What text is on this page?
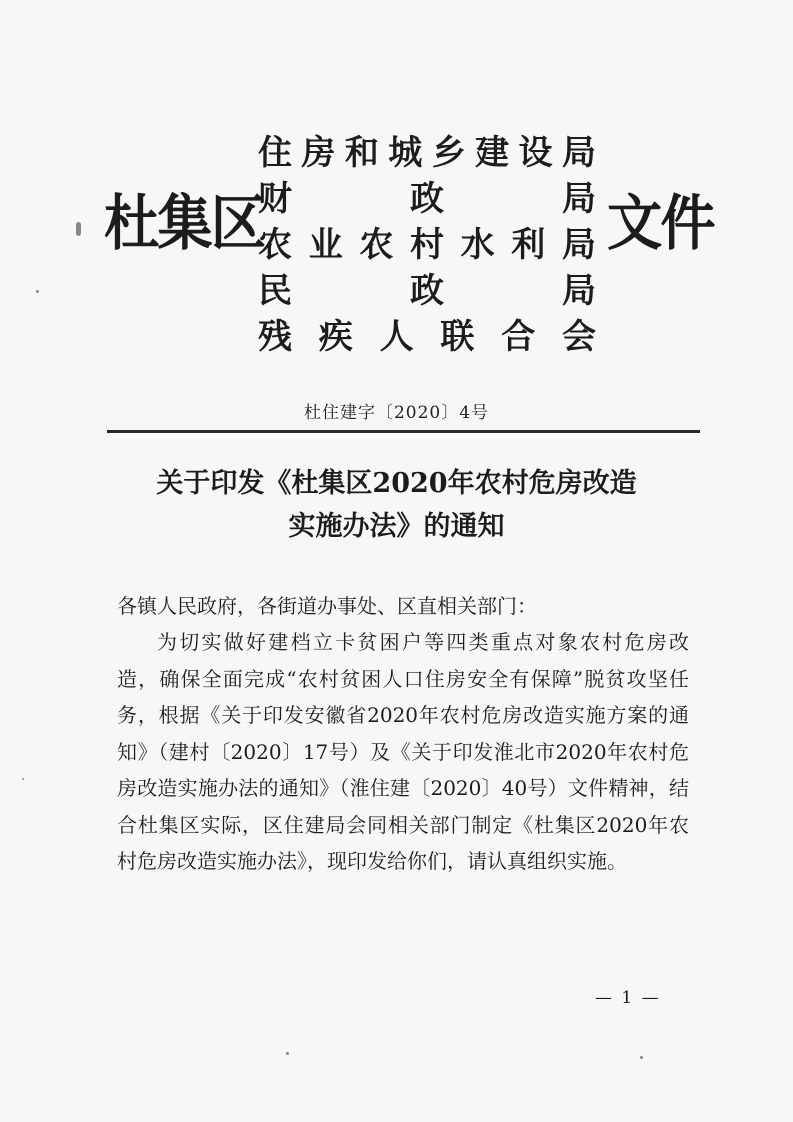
杜集区
住 房 和 城 乡 建 设 局
财	政	局
农 业 农 村 水 利 局
民	政	局
残 疾 人 联 合 会
文件
杜住建字〔2020〕4号
关于印发《杜集区2020年农村危房改造
实施办法》的通知
各镇人民政府，各街道办事处、区直相关部门：
为切实做好建档立卡贫困户等四类重点对象农村危房改
造，确保全面完成“农村贫困人口住房安全有保障”脱贫攻坚任
务，根据《关于印发安徽省2020年农村危房改造实施方案的通
知》（建村〔2020〕17号）及《关于印发淮北市2020年农村危
房改造实施办法的通知》（淮住建〔2020〕40号）文件精神，结
合杜集区实际，区住建局会同相关部门制定《杜集区2020年农
村危房改造实施办法》，现印发给你们，请认真组织实施。
— 1 —
